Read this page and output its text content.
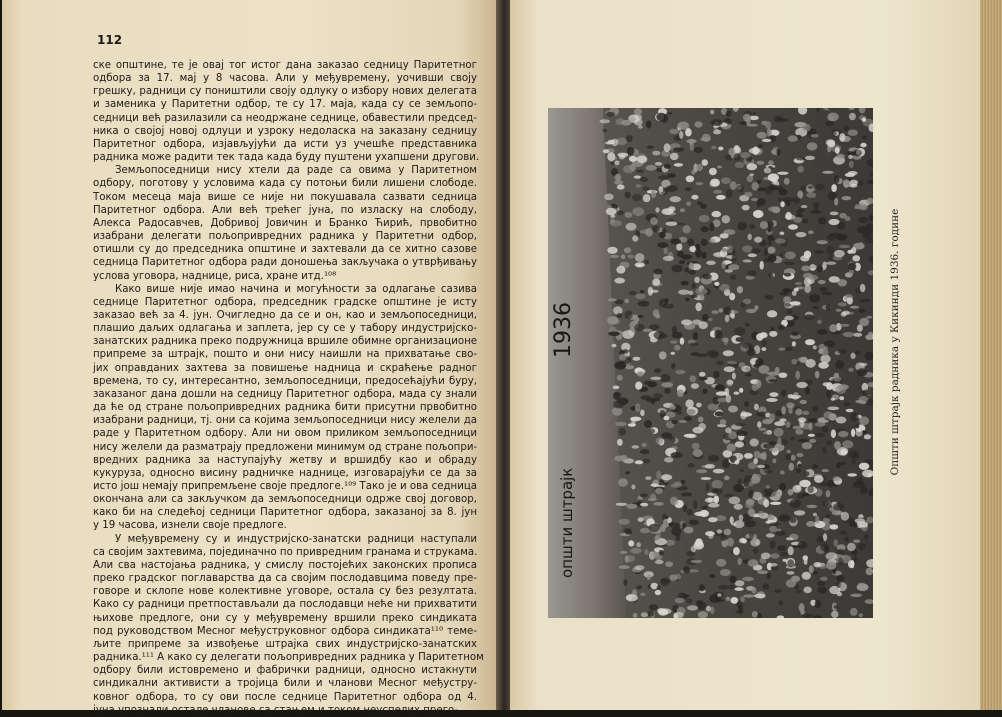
112

ске општине, те је овај тог истог дана заказао седницу Паритетног
одбора за 17. мај у 8 часова. Али у међувремену, уочивши своју
грешку, радници су поништили своју одлуку о избору нових делегата
и заменика у Паритетни одбор, те су 17. маја, када су се земљопо-
седници већ разилазили са неодржане седнице, обавестили председ-
ника о својој новој одлуци и узроку недоласка на заказану седницу
Паритетног одбора, изјављујући да исти уз учешће представника
радника може радити тек тада када буду пуштени ухапшени другови.

Земљопоседници нису хтели да раде са овима у Паритетном
одбору, поготову у условима када су потоњи били лишени слободе.
Током месеца маја више се није ни покушавала сазвати седница
Паритетног одбора. Али већ трећег јуна, по изласку на слободу,
Алекса Радосавчев, Добривој Јовичин и Бранко Ћирић, првобитно
изабрани делегати пољопривредних радника у Паритетни одбор,
отишли су до председника општине и захтевали да се хитно сазове
седница Паритетног одбора ради доношења закључака о утврђивању
услова уговора, наднице, риса, хране итд.¹⁰⁸

Како више није имао начина и могућности за одлагање сазива
седнице Паритетног одбора, председник градске општине је исту
заказао већ за 4. јун. Очигледно да се и он, као и земљопоседници,
плашио даљих одлагања и заплета, јер су се у табору индустријско-
занатских радника преко подружница вршиле обимне организационе
припреме за штрајк, пошто и они нису наишли на прихватање сво-
јих оправданих захтева за повишење надница и скраћење радног
времена, то су, интересантно, земљопоседници, предосећајући буру,
заказаног дана дошли на седницу Паритетног одбора, мада су знали
да ће од стране пољопривредних радника бити присутни првобитно
изабрани радници, тј. они са којима земљопоседници нису желели да
раде у Паритетном одбору. Али ни овом приликом земљопоседници
нису желели да разматрају предложени минимум од стране пољопри-
вредних радника за наступајућу жетву и вршидбу као и обраду
кукуруза, односно висину радничке наднице, изговарајући се да за
исто још немају припремљене своје предлоге.¹⁰⁹ Тако је и ова седница
окончана али са закључком да земљопоседници одрже свој договор,
како би на следећој седници Паритетног одбора, заказаној за 8. јун
у 19 часова, изнели своје предлоге.

У међувремену су и индустријско-занатски радници наступали
са својим захтевима, појединачно по привредним гранама и струкама.
Али сва настојања радника, у смислу постојећих законских прописа
преко градског поглаварства да са својим послодавцима поведу пре-
говоре и склопе нове колективне уговоре, остала су без резултата.
Како су радници претпостављали да послодавци неће ни прихватити
њихове предлоге, они су у међувремену вршили преко синдиката
под руководством Месног међуструковног одбора синдиката¹¹⁰ теме-
љите припреме за извођење штрајка свих индустријско-занатских
радника.¹¹¹ А како су делегати пољопривредних радника у Паритетном
одбору били истовремено и фабрички радници, односно истакнути
синдикални активисти а тројица били и чланови Месног међустру-
ковног одбора, то су ови после седнице Паритетног одбора од 4.
јуна упознали остале чланове са стањем и током неуспелих прего-

1936
општи штрајк
Општи штрајк радника у Кикинди 1936. године
